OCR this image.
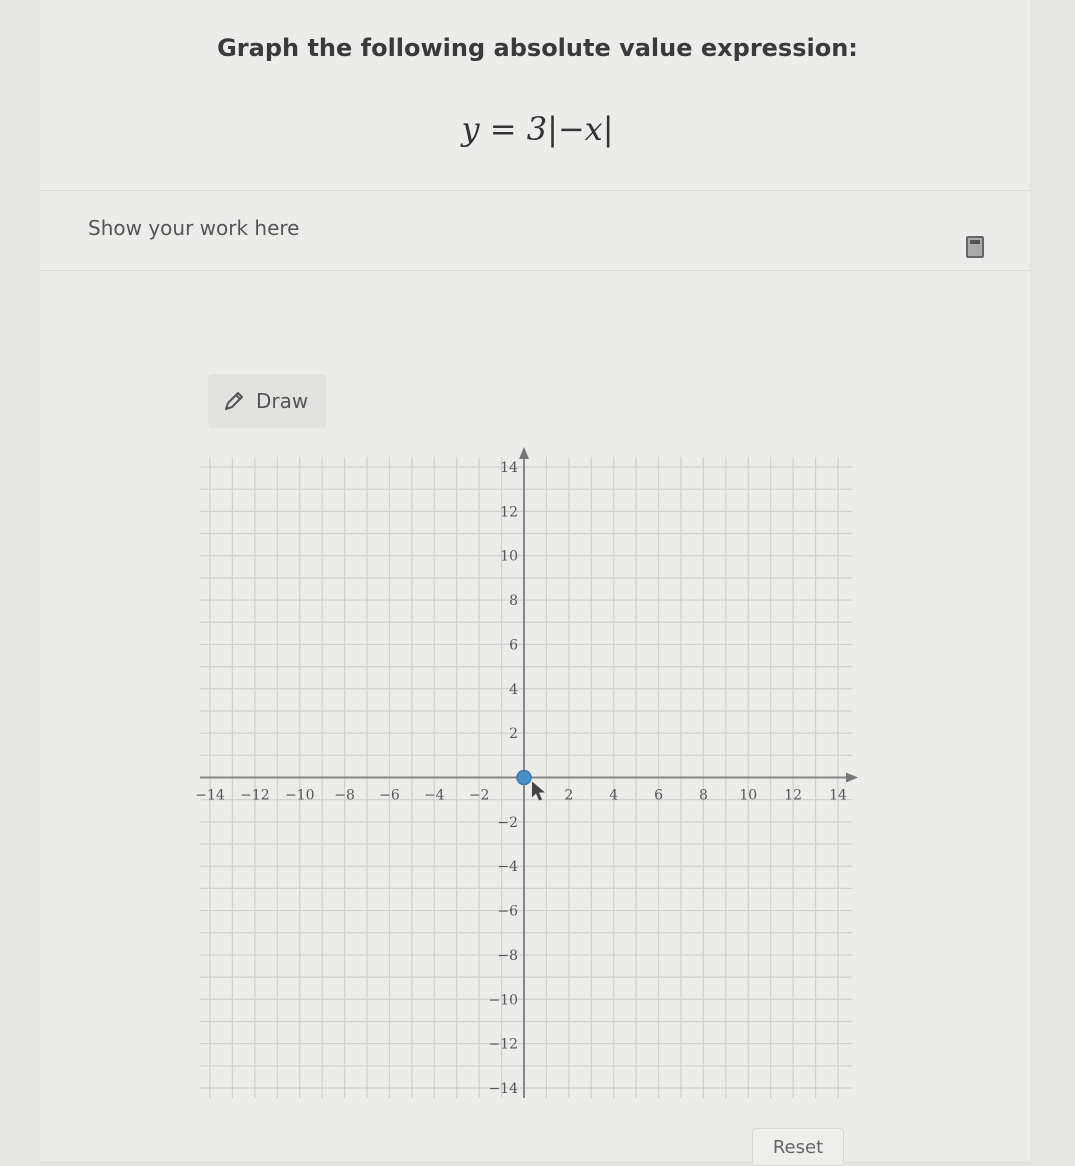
Graph the following absolute value expression:
y = 3|−x|
Show your work here
Draw
−14 −12 −10 −8 −6 −4 −2	2	4	6	8 10 12 14
14
12
10
8
6
4
2
−2
−4
−6
−8
−10
−12
−14
Reset
